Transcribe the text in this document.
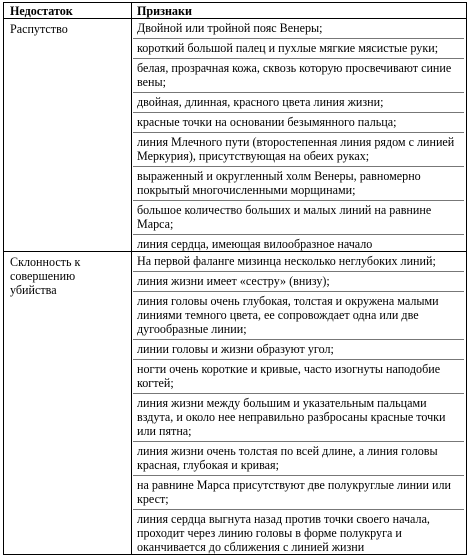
Недостаток	Признаки
Распутство	Двойной или тройной пояс Венеры;
короткий большой палец и пухлые мягкие мясистые руки;
белая, прозрачная кожа, сквозь которую просвечивают синие вены;
двойная, длинная, красного цвета линия жизни;
красные точки на основании безымянного пальца;
линия Млечного пути (второстепенная линия рядом с линией Меркурия), присутствующая на обеих руках;
выраженный и округленный холм Венеры, равномерно покрытый многочисленными морщинами;
большое количество больших и малых линий на равнине Марса;
линия сердца, имеющая вилообразное начало
Склонность к совершению убийства
На первой фаланге мизинца несколько неглубоких линий;
линия жизни имеет «сестру» (внизу);
линия головы очень глубокая, толстая и окружена малыми линиями темного цвета, ее сопровождает одна или две дугообразные линии;
линии головы и жизни образуют угол;
ногти очень короткие и кривые, часто изогнуты наподобие когтей;
линия жизни между большим и указательным пальцами вздута, и около нее неправильно разбросаны красные точки или пятна;
линия жизни очень толстая по всей длине, а линия головы красная, глубокая и кривая;
на равнине Марса присутствуют две полукруглые линии или крест;
линия сердца выгнута назад против точки своего начала, проходит через линию головы в форме полукруга и оканчивается до сближения с линией жизни
